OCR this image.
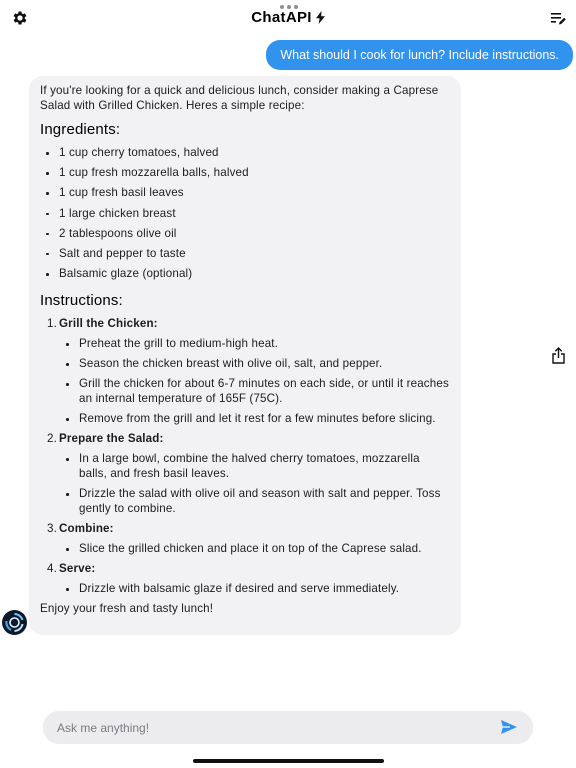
ChatAPI
What should I cook for lunch? Include instructions.

If you're looking for a quick and delicious lunch, consider making a Caprese Salad with Grilled Chicken. Heres a simple recipe:

Ingredients:
1 cup cherry tomatoes, halved
1 cup fresh mozzarella balls, halved
1 cup fresh basil leaves
1 large chicken breast
2 tablespoons olive oil
Salt and pepper to taste
Balsamic glaze (optional)
Instructions:
1. Grill the Chicken:
Preheat the grill to medium-high heat.
Season the chicken breast with olive oil, salt, and pepper.
Grill the chicken for about 6-7 minutes on each side, or until it reaches an internal temperature of 165F (75C).
Remove from the grill and let it rest for a few minutes before slicing.
2. Prepare the Salad:
In a large bowl, combine the halved cherry tomatoes, mozzarella balls, and fresh basil leaves.
Drizzle the salad with olive oil and season with salt and pepper. Toss gently to combine.
3. Combine:
Slice the grilled chicken and place it on top of the Caprese salad.
4. Serve:
Drizzle with balsamic glaze if desired and serve immediately.

Enjoy your fresh and tasty lunch!

Ask me anything!
